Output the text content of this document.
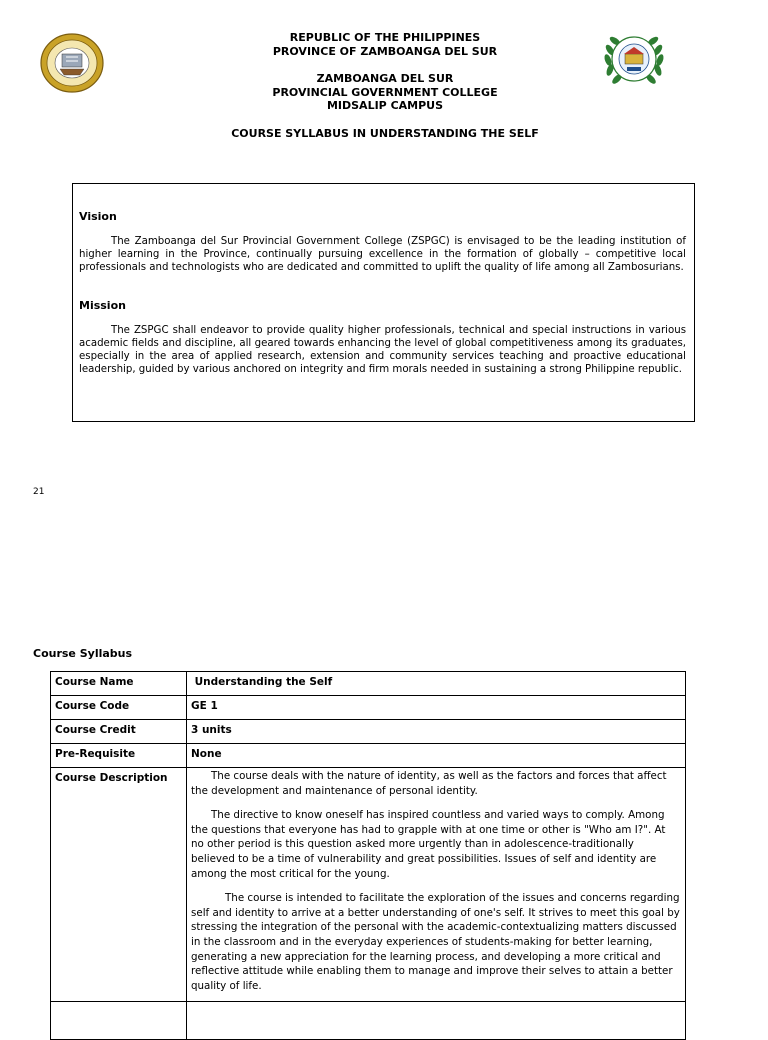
REPUBLIC OF THE PHILIPPINES
PROVINCE OF ZAMBOANGA DEL SUR
ZAMBOANGA DEL SUR
PROVINCIAL GOVERNMENT COLLEGE
MIDSALIP CAMPUS
COURSE SYLLABUS IN UNDERSTANDING THE SELF
Vision

The Zamboanga del Sur Provincial Government College (ZSPGC) is envisaged to be the leading institution of higher learning in the Province, continually pursuing excellence in the formation of globally – competitive local professionals and technologists who are dedicated and committed to uplift the quality of life among all Zambosurians.

Mission

The ZSPGC shall endeavor to provide quality higher professionals, technical and special instructions in various academic fields and discipline, all geared towards enhancing the level of global competitiveness among its graduates, especially in the area of applied research, extension and community services teaching and proactive educational leadership, guided by various anchored on integrity and firm morals needed in sustaining a strong Philippine republic.

21
Course Syllabus
Course Name	Understanding the Self
Course Code	GE 1
Course Credit	3 units
Pre-Requisite	None
Course Description	The course deals with the nature of identity, as well as the factors and forces that affect the development and maintenance of personal identity.

The directive to know oneself has inspired countless and varied ways to comply. Among the questions that everyone has had to grapple with at one time or other is "Who am I?". At no other period is this question asked more urgently than in adolescence-traditionally believed to be a time of vulnerability and great possibilities. Issues of self and identity are among the most critical for the young.

The course is intended to facilitate the exploration of the issues and concerns regarding self and identity to arrive at a better understanding of one's self. It strives to meet this goal by stressing the integration of the personal with the academic-contextualizing matters discussed in the classroom and in the everyday experiences of students-making for better learning, generating a new appreciation for the learning process, and developing a more critical and reflective attitude while enabling them to manage and improve their selves to attain a better quality of life.
